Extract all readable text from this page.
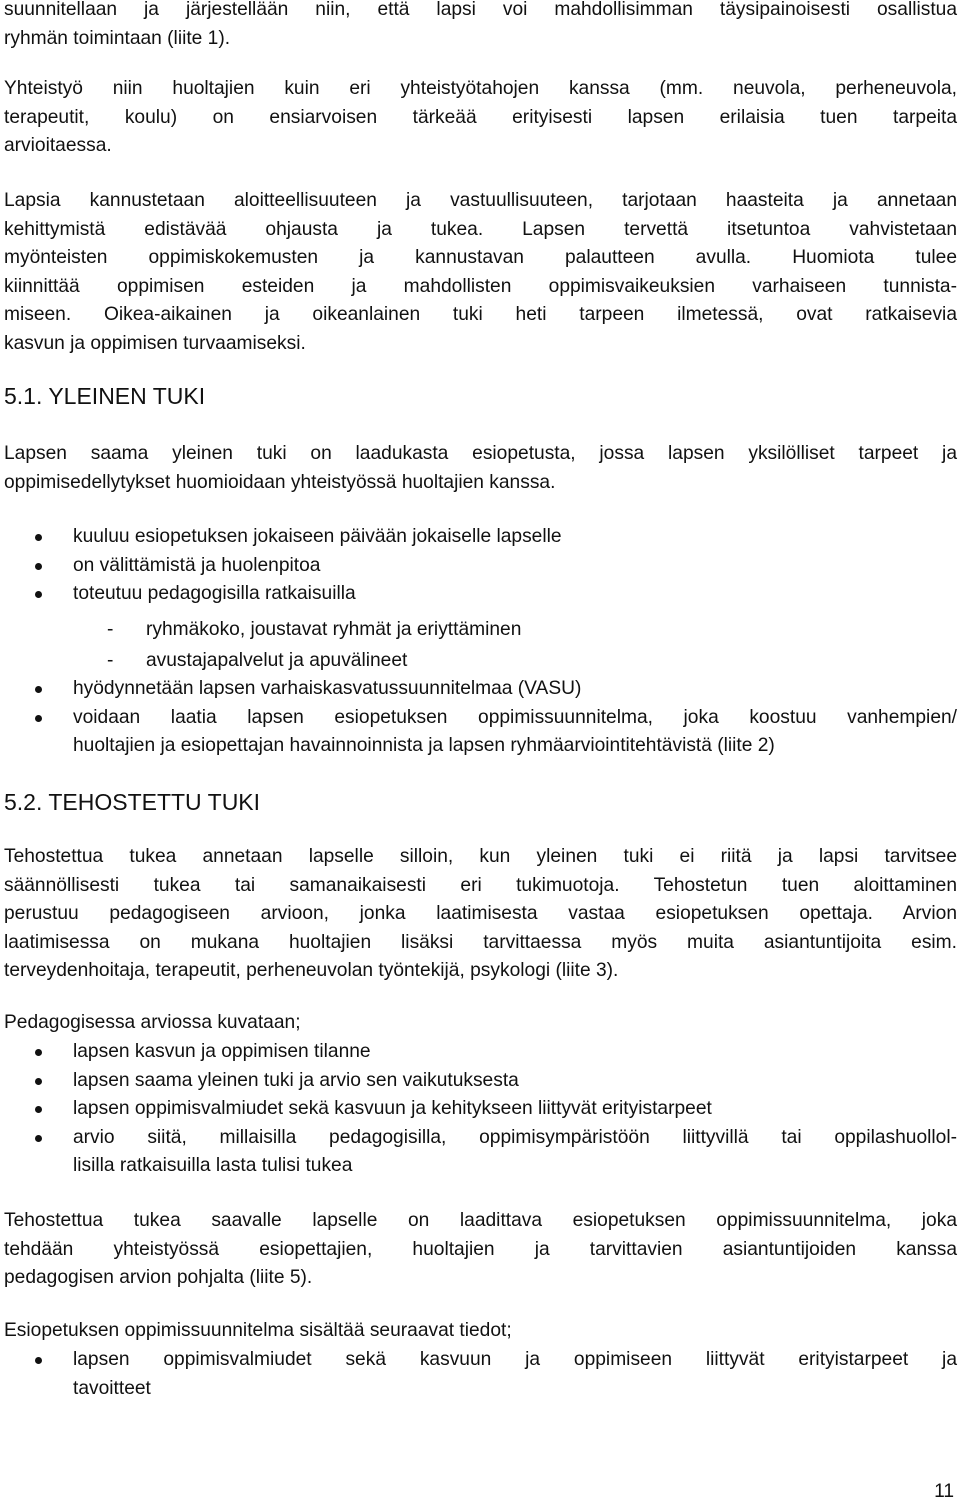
suunnitellaan ja järjestellään niin, että lapsi voi mahdollisimman täysipainoisesti osallistua
ryhmän toimintaan (liite 1).

Yhteistyö niin huoltajien kuin eri yhteistyötahojen kanssa (mm. neuvola, perheneuvola,
terapeutit, koulu) on ensiarvoisen tärkeää erityisesti lapsen erilaisia tuen tarpeita
arvioitaessa.

Lapsia kannustetaan aloitteellisuuteen ja vastuullisuuteen, tarjotaan haasteita ja annetaan
kehittymistä edistävää ohjausta ja tukea. Lapsen tervettä itsetuntoa vahvistetaan
myönteisten oppimiskokemusten ja kannustavan palautteen avulla. Huomiota tulee
kiinnittää oppimisen esteiden ja mahdollisten oppimisvaikeuksien varhaiseen tunnista-
miseen. Oikea-aikainen ja oikeanlainen tuki heti tarpeen ilmetessä, ovat ratkaisevia
kasvun ja oppimisen turvaamiseksi.

5.1. YLEINEN TUKI

Lapsen saama yleinen tuki on laadukasta esiopetusta, jossa lapsen yksilölliset tarpeet ja
oppimisedellytykset huomioidaan yhteistyössä huoltajien kanssa.

kuuluu esiopetuksen jokaiseen päivään jokaiselle lapselle
on välittämistä ja huolenpitoa
toteutuu pedagogisilla ratkaisuilla
- ryhmäkoko, joustavat ryhmät ja eriyttäminen
- avustajapalvelut ja apuvälineet
hyödynnetään lapsen varhaiskasvatussuunnitelmaa (VASU)
voidaan laatia lapsen esiopetuksen oppimissuunnitelma, joka koostuu vanhempien/
huoltajien ja esiopettajan havainnoinnista ja lapsen ryhmäarviointitehtävistä (liite 2)
5.2. TEHOSTETTU TUKI

Tehostettua tukea annetaan lapselle silloin, kun yleinen tuki ei riitä ja lapsi tarvitsee
säännöllisesti tukea tai samanaikaisesti eri tukimuotoja. Tehostetun tuen aloittaminen
perustuu pedagogiseen arvioon, jonka laatimisesta vastaa esiopetuksen opettaja. Arvion
laatimisessa on mukana huoltajien lisäksi tarvittaessa myös muita asiantuntijoita esim.
terveydenhoitaja, terapeutit, perheneuvolan työntekijä, psykologi (liite 3).

Pedagogisessa arviossa kuvataan;

lapsen kasvun ja oppimisen tilanne
lapsen saama yleinen tuki ja arvio sen vaikutuksesta
lapsen oppimisvalmiudet sekä kasvuun ja kehitykseen liittyvät erityistarpeet
arvio siitä, millaisilla pedagogisilla, oppimisympäristöön liittyvillä tai oppilashuollol-
lisilla ratkaisuilla lasta tulisi tukea

Tehostettua tukea saavalle lapselle on laadittava esiopetuksen oppimissuunnitelma, joka
tehdään yhteistyössä esiopettajien, huoltajien ja tarvittavien asiantuntijoiden kanssa
pedagogisen arvion pohjalta (liite 5).

Esiopetuksen oppimissuunnitelma sisältää seuraavat tiedot;

lapsen oppimisvalmiudet sekä kasvuun ja oppimiseen liittyvät erityistarpeet ja
tavoitteet
11
